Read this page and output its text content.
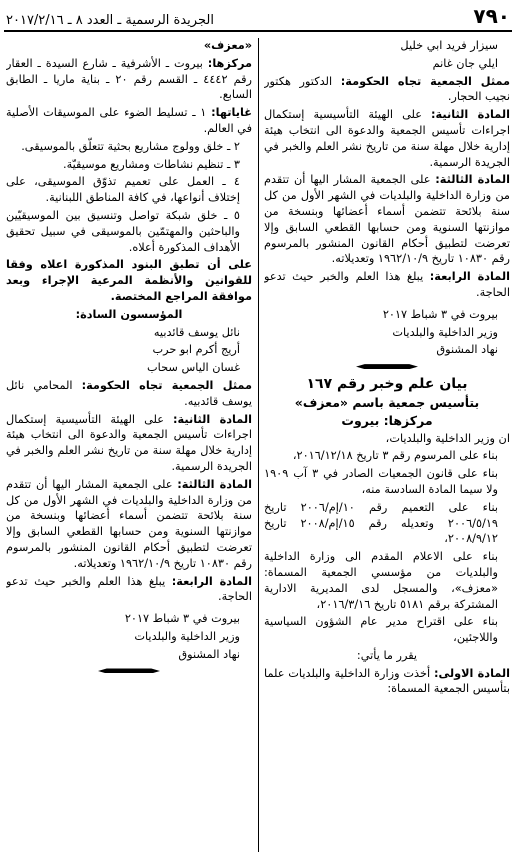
٧٩٠
الجريدة الرسمية ـ العدد ٨ ـ ٢٠١٧/٢/١٦

سيزار فريد ابي خليل

ايلي جان غانم

ممثل الجمعية تجاه الحكومة: الدكتور هكتور نجيب الحجار.

المادة الثانية: على الهيئة التأسيسية إستكمال اجراءات تأسيس الجمعية والدعوة الى انتخاب هيئة إدارية خلال مهلة سنة من تاريخ نشر العلم والخبر في الجريدة الرسمية.

المادة الثالثة: على الجمعية المشار اليها أن تتقدم من وزارة الداخلية والبلديات في الشهر الأول من كل سنة بلائحة تتضمن أسماء أعضائها وبنسخة من موازنتها السنوية ومن حسابها القطعي السابق وإلا تعرضت لتطبيق أحكام القانون المنشور بالمرسوم رقم ١٠٨٣٠ تاريخ ١٩٦٢/١٠/٩ وتعديلاته.

المادة الرابعة: يبلغ هذا العلم والخبر حيث تدعو الحاجة.

بيروت في ٣ شباط ٢٠١٧

وزير الداخلية والبلديات

نهاد المشنوق

بيان علم وخبر رقم ١٦٧

بتأسيس جمعية باسم «معزف»

مركزها: بيروت

ان وزير الداخلية والبلديات،

بناء على المرسوم رقم ٣ تاريخ ٢٠١٦/١٢/١٨،

بناء على قانون الجمعيات الصادر في ٣ آب ١٩٠٩ ولا سيما المادة السادسة منه،

بناء على التعميم رقم ١٠/إم/٢٠٠٦ تاريخ ٢٠٠٦/٥/١٩ وتعديله رقم ١٥/إم/٢٠٠٨ تاريخ ٢٠٠٨/٩/١٢،

بناء على الاعلام المقدم الى وزارة الداخلية والبلديات من مؤسسي الجمعية المسماة: «معزف»، والمسجل لدى المديرية الادارية المشتركة برقم ٥١٨١ تاريخ ٢٠١٦/٣/١٦،

بناء على اقتراح مدير عام الشؤون السياسية واللاجئين،

يقرر ما يأتي:

المادة الاولى: أخذت وزارة الداخلية والبلديات علما بتأسيس الجمعية المسماة:

«معزف»

مركزها: بيروت ـ الأشرفية ـ شارع السيدة ـ العقار رقم ٤٤٤٢ ـ القسم رقم ٢٠ ـ بناية ماريا ـ الطابق السابع.

غاياتها: ١ ـ تسليط الضوء على الموسيقات الأصلية في العالم.

٢ ـ خلق وولوج مشاريع بحثية تتعلّق بالموسيقى.

٣ ـ تنظيم نشاطات ومشاريع موسيقيّة.

٤ ـ العمل على تعميم تذوّق الموسيقى، على إختلاف أنواعها، في كافة المناطق اللبنانية.

٥ ـ خلق شبكة تواصل وتنسيق بين الموسيقيّين والباحثين والمهتمّين بالموسيقى في سبيل تحقيق الأهداف المذكورة أعلاه.

على أن تطبق البنود المذكورة اعلاه وفقا للقوانين والأنظمة المرعية الإجراء وبعد موافقة المراجع المختصة.

المؤسسون السادة:

نائل يوسف قائدبيه

أريج أكرم ابو حرب

غسان الياس سحاب

ممثل الجمعية تجاه الحكومة: المحامي نائل يوسف قائدبيه.

المادة الثانية: على الهيئة التأسيسية إستكمال اجراءات تأسيس الجمعية والدعوة الى انتخاب هيئة إدارية خلال مهلة سنة من تاريخ نشر العلم والخبر في الجريدة الرسمية.

المادة الثالثة: على الجمعية المشار اليها أن تتقدم من وزارة الداخلية والبلديات في الشهر الأول من كل سنة بلائحة تتضمن أسماء أعضائها وبنسخة من موازنتها السنوية ومن حسابها القطعي السابق وإلا تعرضت لتطبيق أحكام القانون المنشور بالمرسوم رقم ١٠٨٣٠ تاريخ ١٩٦٢/١٠/٩ وتعديلاته.

المادة الرابعة: يبلغ هذا العلم والخبر حيث تدعو الحاجة.

بيروت في ٣ شباط ٢٠١٧

وزير الداخلية والبلديات

نهاد المشنوق
